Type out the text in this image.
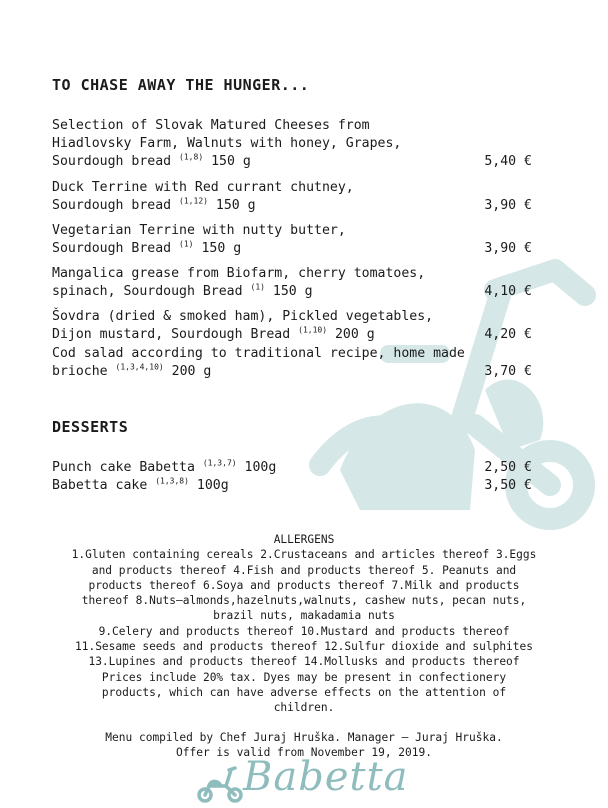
TO CHASE AWAY THE HUNGER...
Selection of Slovak Matured Cheeses from
Hiadlovsky Farm, Walnuts with honey, Grapes,
Sourdough bread $^{(1,8)}$ 150 g	5,40 €
Duck Terrine with Red currant chutney,
Sourdough bread $^{(1,12)}$ 150 g	3,90 €
Vegetarian Terrine with nutty butter,
Sourdough Bread $^{(1)}$ 150 g	3,90 €
Mangalica grease from Biofarm, cherry tomatoes,
spinach, Sourdough Bread $^{(1)}$ 150 g	4,10 €
Šovdra (dried & smoked ham), Pickled vegetables,
Dijon mustard, Sourdough Bread $^{(1,10)}$ 200 g	4,20 €
Cod salad according to traditional recipe, home made
brioche $^{(1,3,4,10)}$ 200 g	3,70 €
DESSERTS
Punch cake Babetta $^{(1,3,7)}$ 100g	2,50 €
Babetta cake $^{(1,3,8)}$ 100g	3,50 €
ALLERGENS
1.Gluten containing cereals 2.Crustaceans and articles thereof 3.Eggs
and products thereof 4.Fish and products thereof 5. Peanuts and
products thereof 6.Soya and products thereof 7.Milk and products
thereof 8.Nuts–almonds,hazelnuts,walnuts, cashew nuts, pecan nuts,
brazil nuts, makadamia nuts
9.Celery and products thereof 10.Mustard and products thereof
11.Sesame seeds and products thereof 12.Sulfur dioxide and sulphites
13.Lupines and products thereof 14.Mollusks and products thereof
Prices include 20% tax. Dyes may be present in confectionery
products, which can have adverse effects on the attention of
children.
Menu compiled by Chef Juraj Hruška. Manager – Juraj Hruška.
Offer is valid from November 19, 2019.
Babetta
